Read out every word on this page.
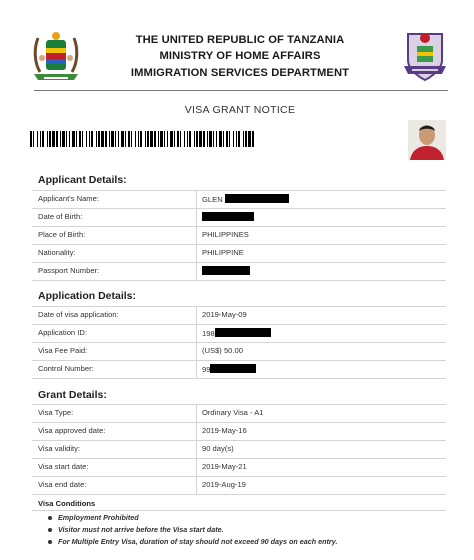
THE UNITED REPUBLIC OF TANZANIA
MINISTRY OF HOME AFFAIRS
IMMIGRATION SERVICES DEPARTMENT
VISA GRANT NOTICE
Applicant Details:
Applicant's Name:	GLEN
Date of Birth:
Place of Birth:	PHILIPPINES
Nationality:	PHILIPPINE
Passport Number:
Application Details:
Date of visa application:	2019-May-09
Application ID:	198
Visa Fee Paid:	(US$) 50.00
Control Number:	99
Grant Details:
Visa Type:	Ordinary Visa - A1
Visa approved date:	2019-May-16
Visa validity:	90 day(s)
Visa start date:	2019-May-21
Visa end date:	2019-Aug-19
Visa Conditions
Employment Prohibited
Visitor must not arrive before the Visa start date.
For Multiple Entry Visa, duration of stay should not exceed 90 days on each entry.
